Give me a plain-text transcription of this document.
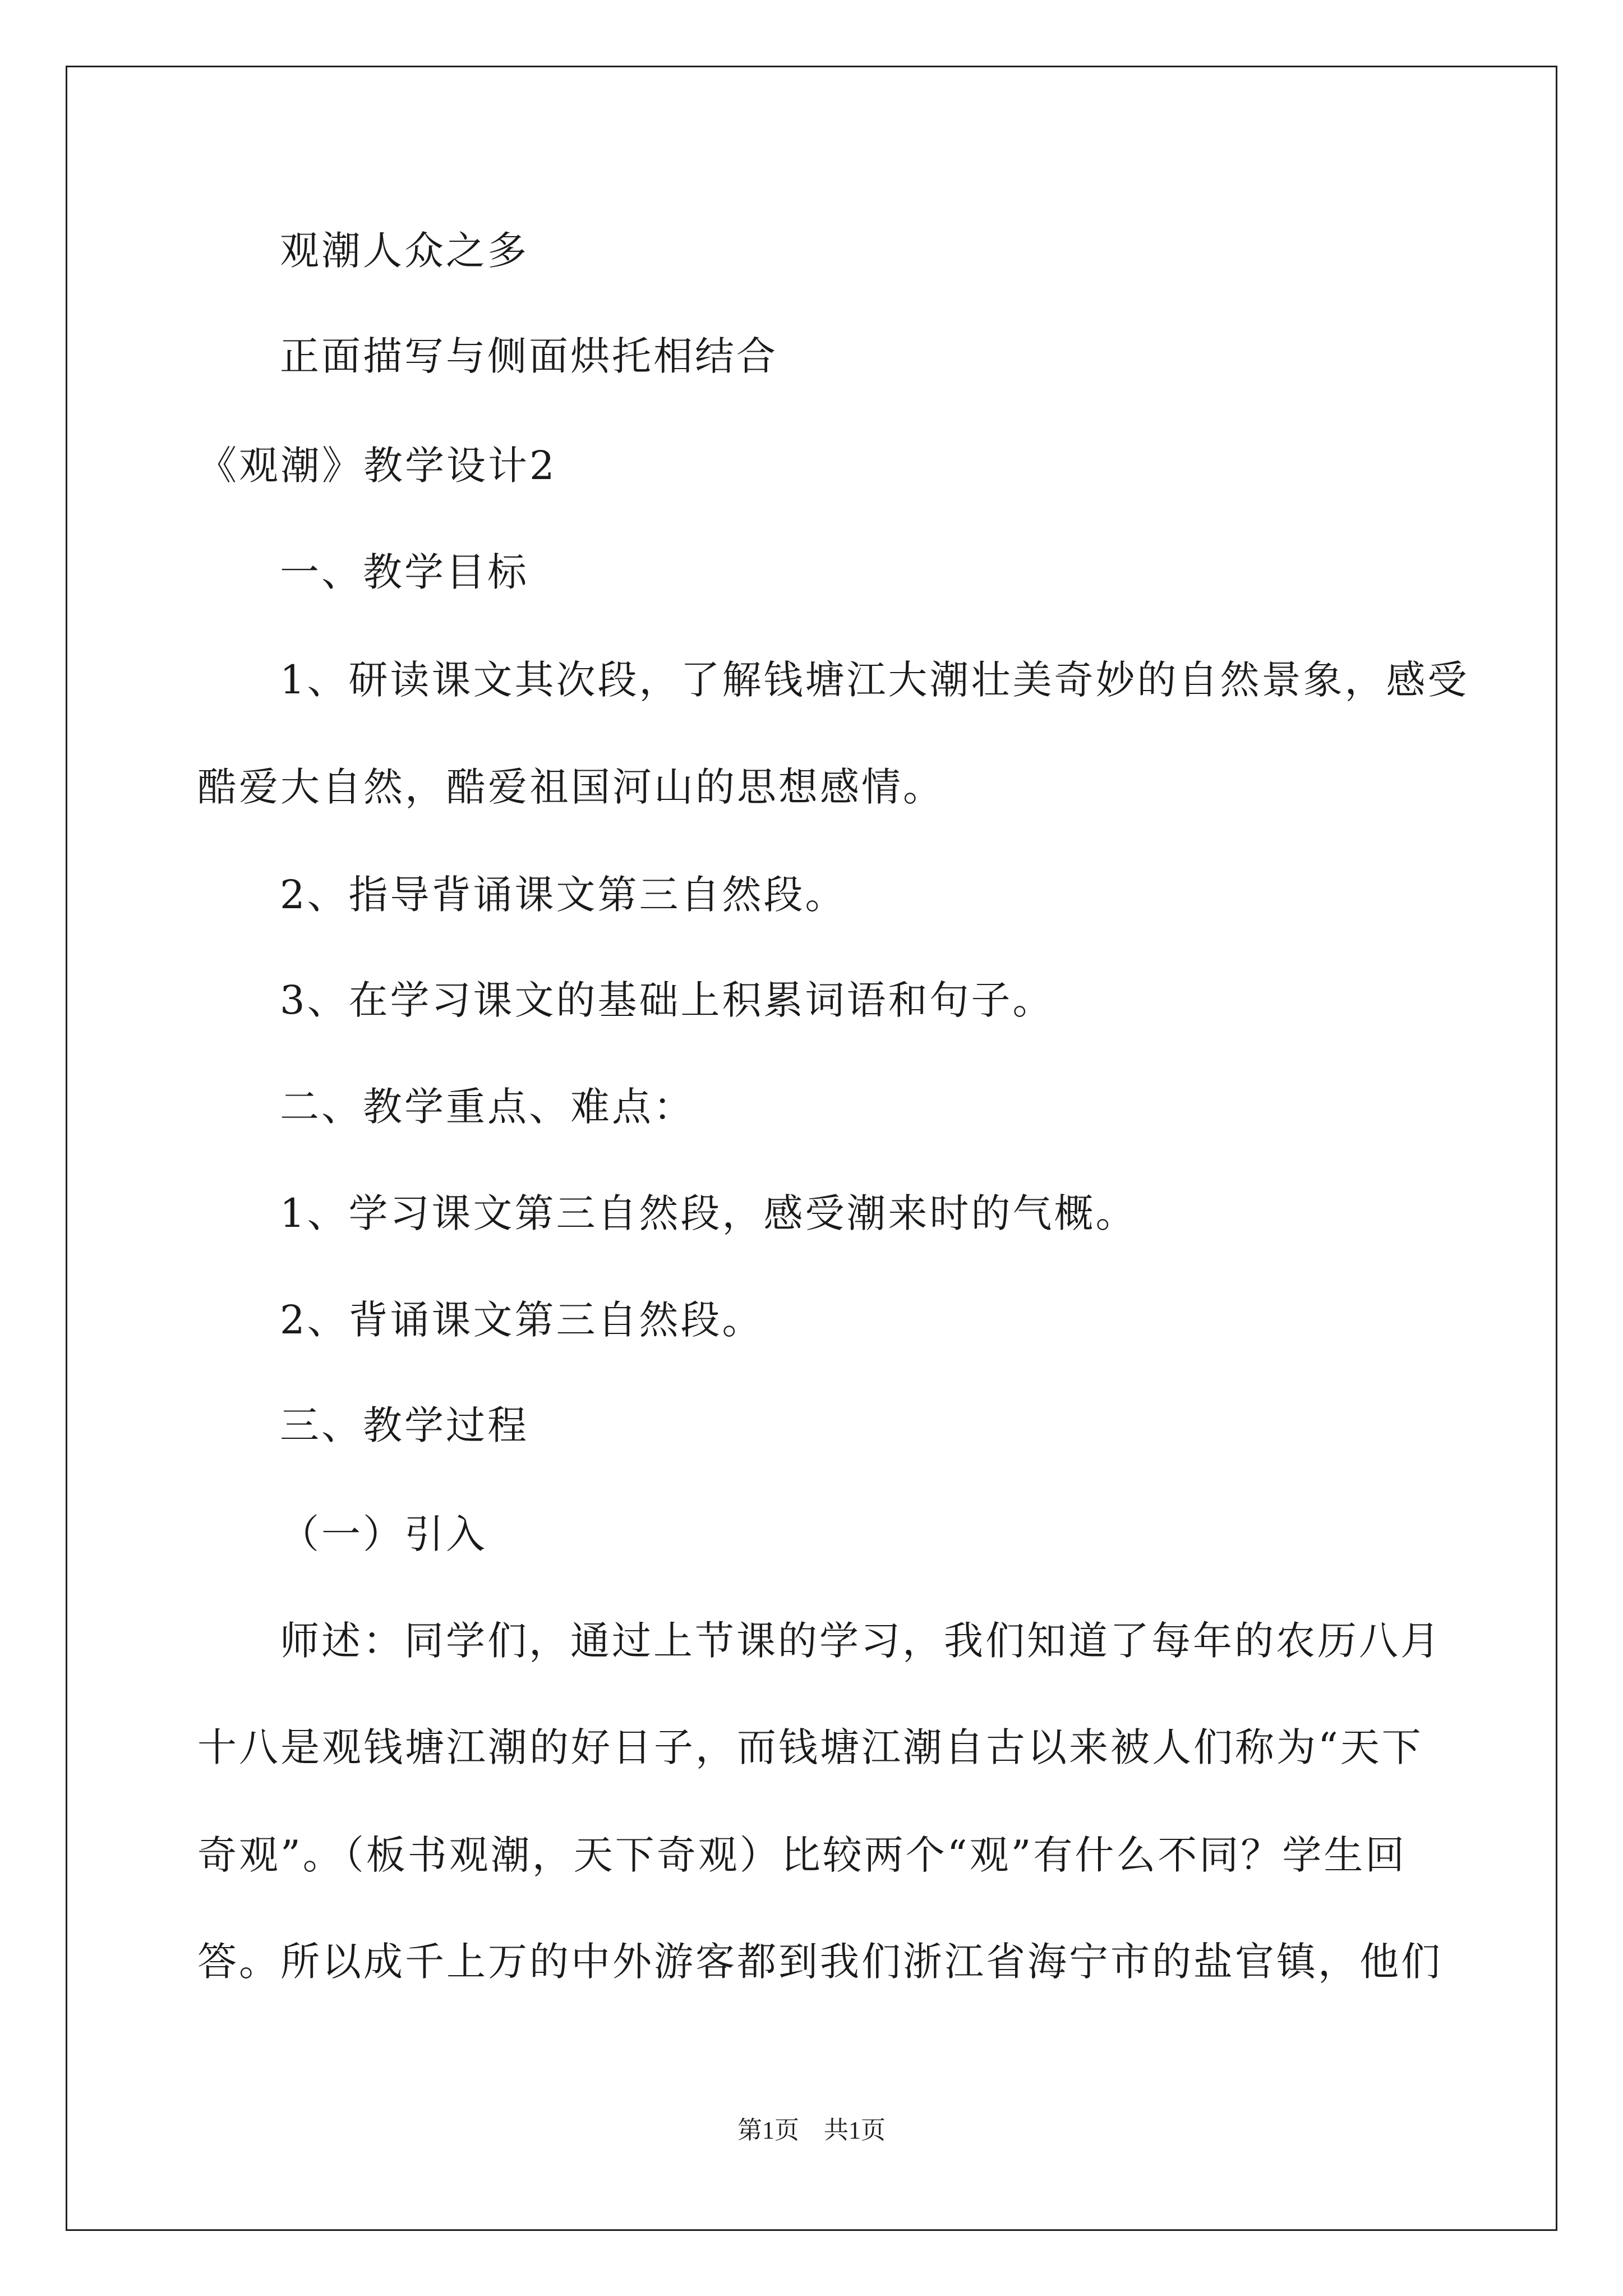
观潮人众之多
正面描写与侧面烘托相结合
《观潮》教学设计2
一、教学目标
1、研读课文其次段，了解钱塘江大潮壮美奇妙的自然景象，感受
酷爱大自然，酷爱祖国河山的思想感情。
2、指导背诵课文第三自然段。
3、在学习课文的基础上积累词语和句子。
二、教学重点、难点：
1、学习课文第三自然段，感受潮来时的气概。
2、背诵课文第三自然段。
三、教学过程
（一）引入
师述：同学们，通过上节课的学习，我们知道了每年的农历八月
十八是观钱塘江潮的好日子，而钱塘江潮自古以来被人们称为“天下
奇观”。（板书观潮，天下奇观）比较两个“观”有什么不同？学生回
答。所以成千上万的中外游客都到我们浙江省海宁市的盐官镇，他们
第1页　共1页
